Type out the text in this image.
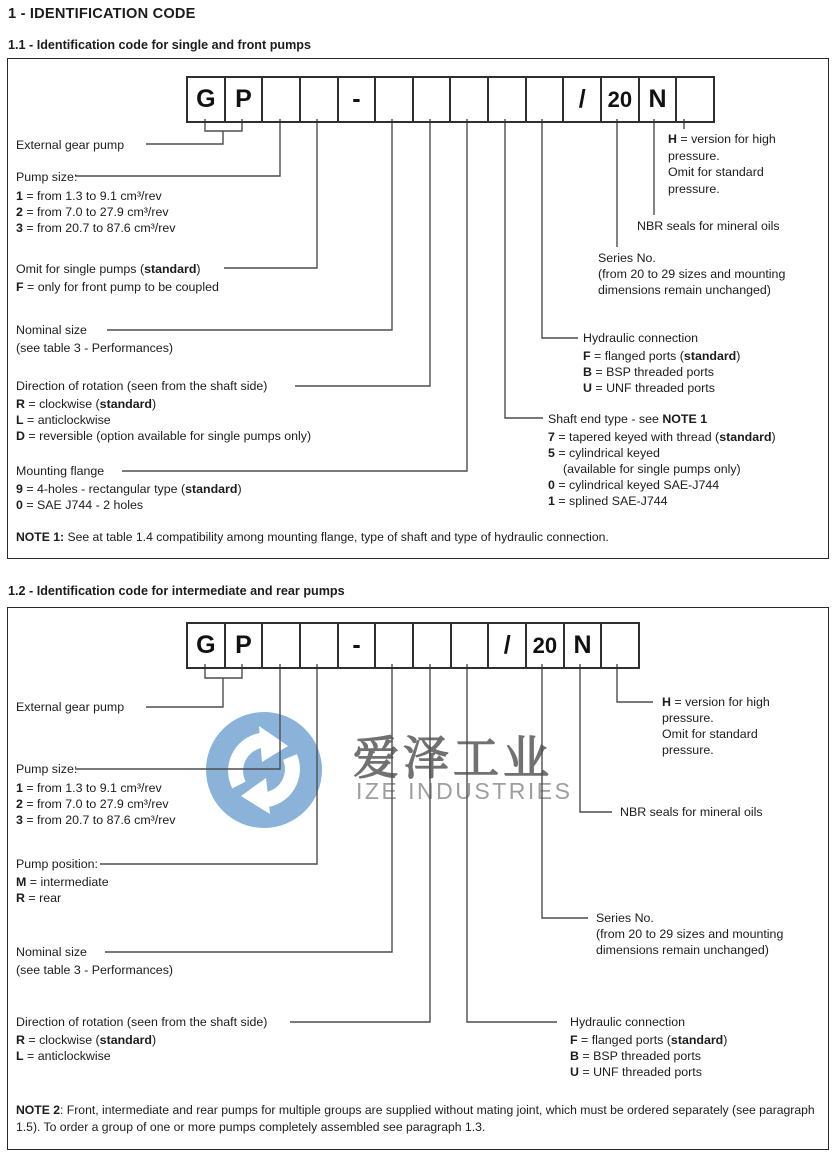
爱泽工业
IZE INDUSTRIES
1 - IDENTIFICATION CODE
1.1 - Identification code for single and front pumps
1.2 - Identification code for intermediate and rear pumps
G P	-	/ 20 N
G P	-	/ 20 N
External gear pump
Pump size:
1 = from 1.3 to 9.1 cm³/rev
2 = from 7.0 to 27.9 cm³/rev
3 = from 20.7 to 87.6 cm³/rev
Omit for single pumps (standard)
F = only for front pump to be coupled
Nominal size
(see table 3 - Performances)
Direction of rotation (seen from the shaft side)
R = clockwise (standard)
L = anticlockwise
D = reversible (option available for single pumps only)
Mounting flange
9 = 4-holes - rectangular type (standard)
0 = SAE J744 - 2 holes
Shaft end type - see NOTE 1
7 = tapered keyed with thread (standard)
5 = cylindrical keyed
(available for single pumps only)
0 = cylindrical keyed SAE-J744
1 = splined SAE-J744
Hydraulic connection
F = flanged ports (standard)
B = BSP threaded ports
U = UNF threaded ports
Series No.
(from 20 to 29 sizes and mounting
dimensions remain unchanged)
NBR seals for mineral oils
H = version for high
pressure.
Omit for standard
pressure.
NOTE 1: See at table 1.4 compatibility among mounting flange, type of shaft and type of hydraulic connection.
External gear pump
Pump size:
1 = from 1.3 to 9.1 cm³/rev
2 = from 7.0 to 27.9 cm³/rev
3 = from 20.7 to 87.6 cm³/rev
Pump position:
M = intermediate
R = rear
Nominal size
(see table 3 - Performances)
Direction of rotation (seen from the shaft side)
R = clockwise (standard)
L = anticlockwise
Hydraulic connection
F = flanged ports (standard)
B = BSP threaded ports
U = UNF threaded ports
Series No.
(from 20 to 29 sizes and mounting
dimensions remain unchanged)
NBR seals for mineral oils
H = version for high
pressure.
Omit for standard
pressure.
NOTE 2: Front, intermediate and rear pumps for multiple groups are supplied without mating joint, which must be ordered separately (see paragraph 1.5). To order a group of one or more pumps completely assembled see paragraph 1.3.
